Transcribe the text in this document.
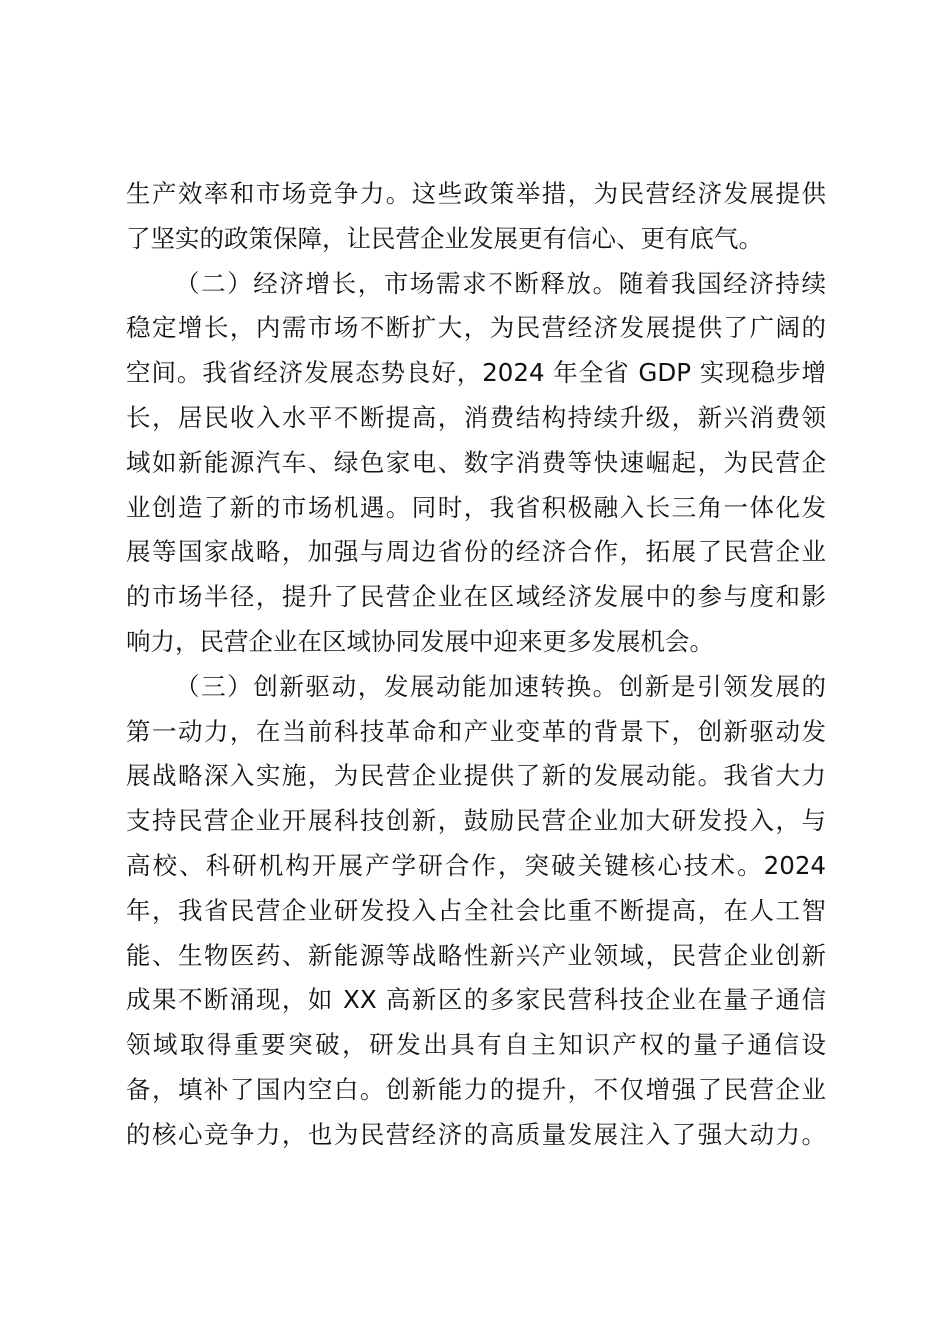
生产效率和市场竞争力。这些政策举措，为民营经济发展提供
了坚实的政策保障，让民营企业发展更有信心、更有底气。
（二）经济增长，市场需求不断释放。随着我国经济持续
稳定增长，内需市场不断扩大，为民营经济发展提供了广阔的
空间。我省经济发展态势良好，2024 年全省 GDP 实现稳步增
长，居民收入水平不断提高，消费结构持续升级，新兴消费领
域如新能源汽车、绿色家电、数字消费等快速崛起，为民营企
业创造了新的市场机遇。同时，我省积极融入长三角一体化发
展等国家战略，加强与周边省份的经济合作，拓展了民营企业
的市场半径，提升了民营企业在区域经济发展中的参与度和影
响力，民营企业在区域协同发展中迎来更多发展机会。
（三）创新驱动，发展动能加速转换。创新是引领发展的
第一动力，在当前科技革命和产业变革的背景下，创新驱动发
展战略深入实施，为民营企业提供了新的发展动能。我省大力
支持民营企业开展科技创新，鼓励民营企业加大研发投入，与
高校、科研机构开展产学研合作，突破关键核心技术。2024
年，我省民营企业研发投入占全社会比重不断提高，在人工智
能、生物医药、新能源等战略性新兴产业领域，民营企业创新
成果不断涌现，如 XX 高新区的多家民营科技企业在量子通信
领域取得重要突破，研发出具有自主知识产权的量子通信设
备，填补了国内空白。创新能力的提升，不仅增强了民营企业
的核心竞争力，也为民营经济的高质量发展注入了强大动力。
